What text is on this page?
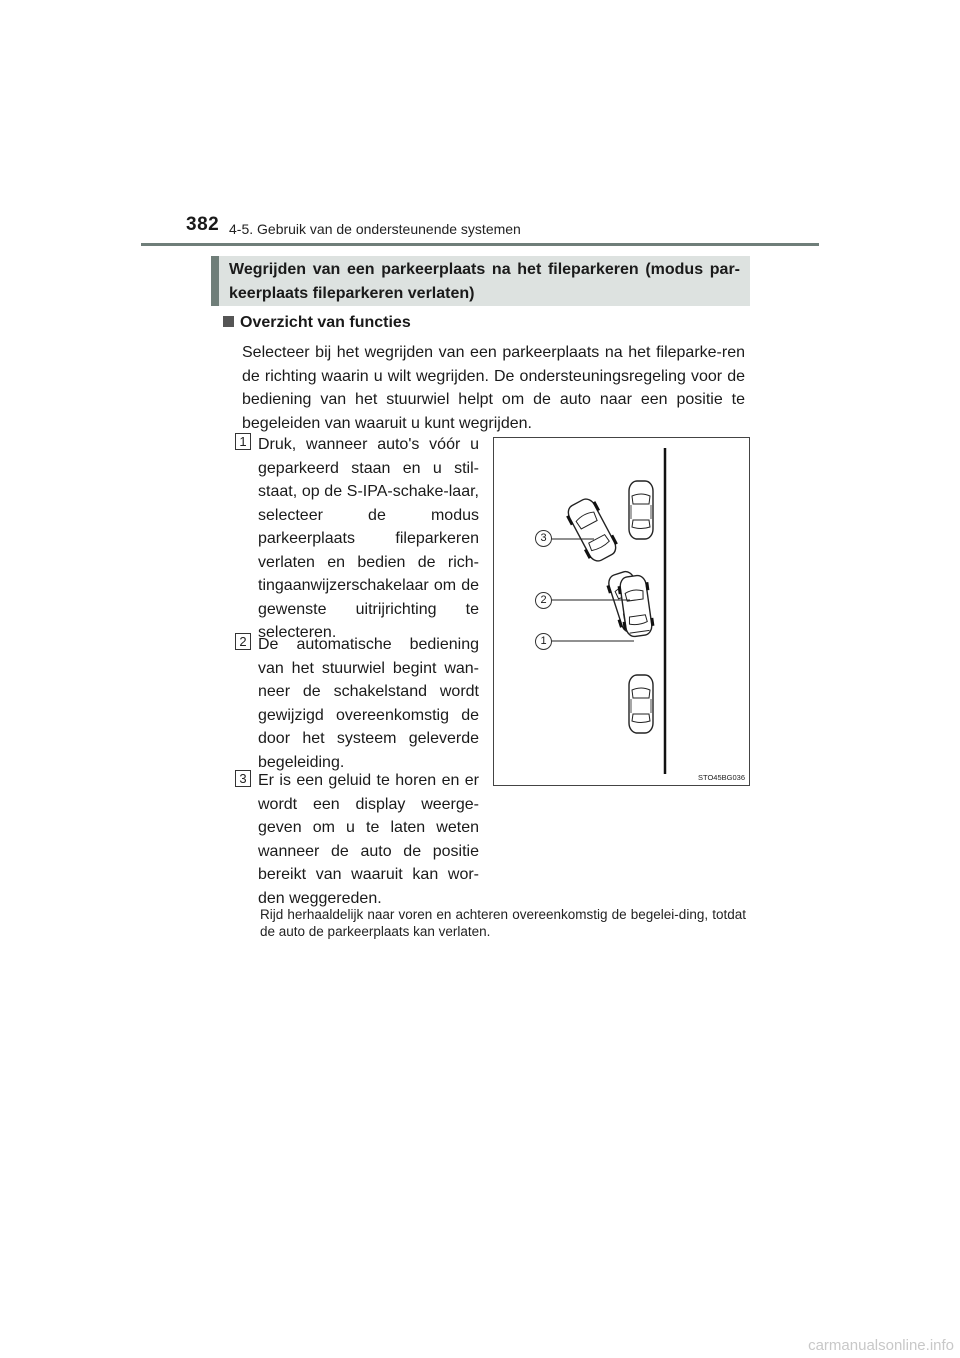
382 4-5. Gebruik van de ondersteunende systemen
Wegrijden van een parkeerplaats na het fileparkeren (modus par-keerplaats fileparkeren verlaten)
Overzicht van functies
Selecteer bij het wegrijden van een parkeerplaats na het fileparke-ren de richting waarin u wilt wegrijden. De ondersteuningsregeling voor de bediening van het stuurwiel helpt om de auto naar een positie te begeleiden van waaruit u kunt wegrijden.
1 Druk, wanneer auto's vóór u geparkeerd staan en u stil-staat, op de S-IPA-schake-laar, selecteer de modus parkeerplaats fileparkeren verlaten en bedien de rich-tingaanwijzerschakelaar om de gewenste uitrijrichting te selecteren.
2 De automatische bediening van het stuurwiel begint wan-neer de schakelstand wordt gewijzigd overeenkomstig de door het systeem geleverde begeleiding.
3 Er is een geluid te horen en er wordt een display weerge-geven om u te laten weten wanneer de auto de positie bereikt van waaruit kan wor-den weggereden.
Rijd herhaaldelijk naar voren en achteren overeenkomstig de begelei-ding, totdat de auto de parkeerplaats kan verlaten.
3
2
1
STO45BG036
carmanualsonline.info
